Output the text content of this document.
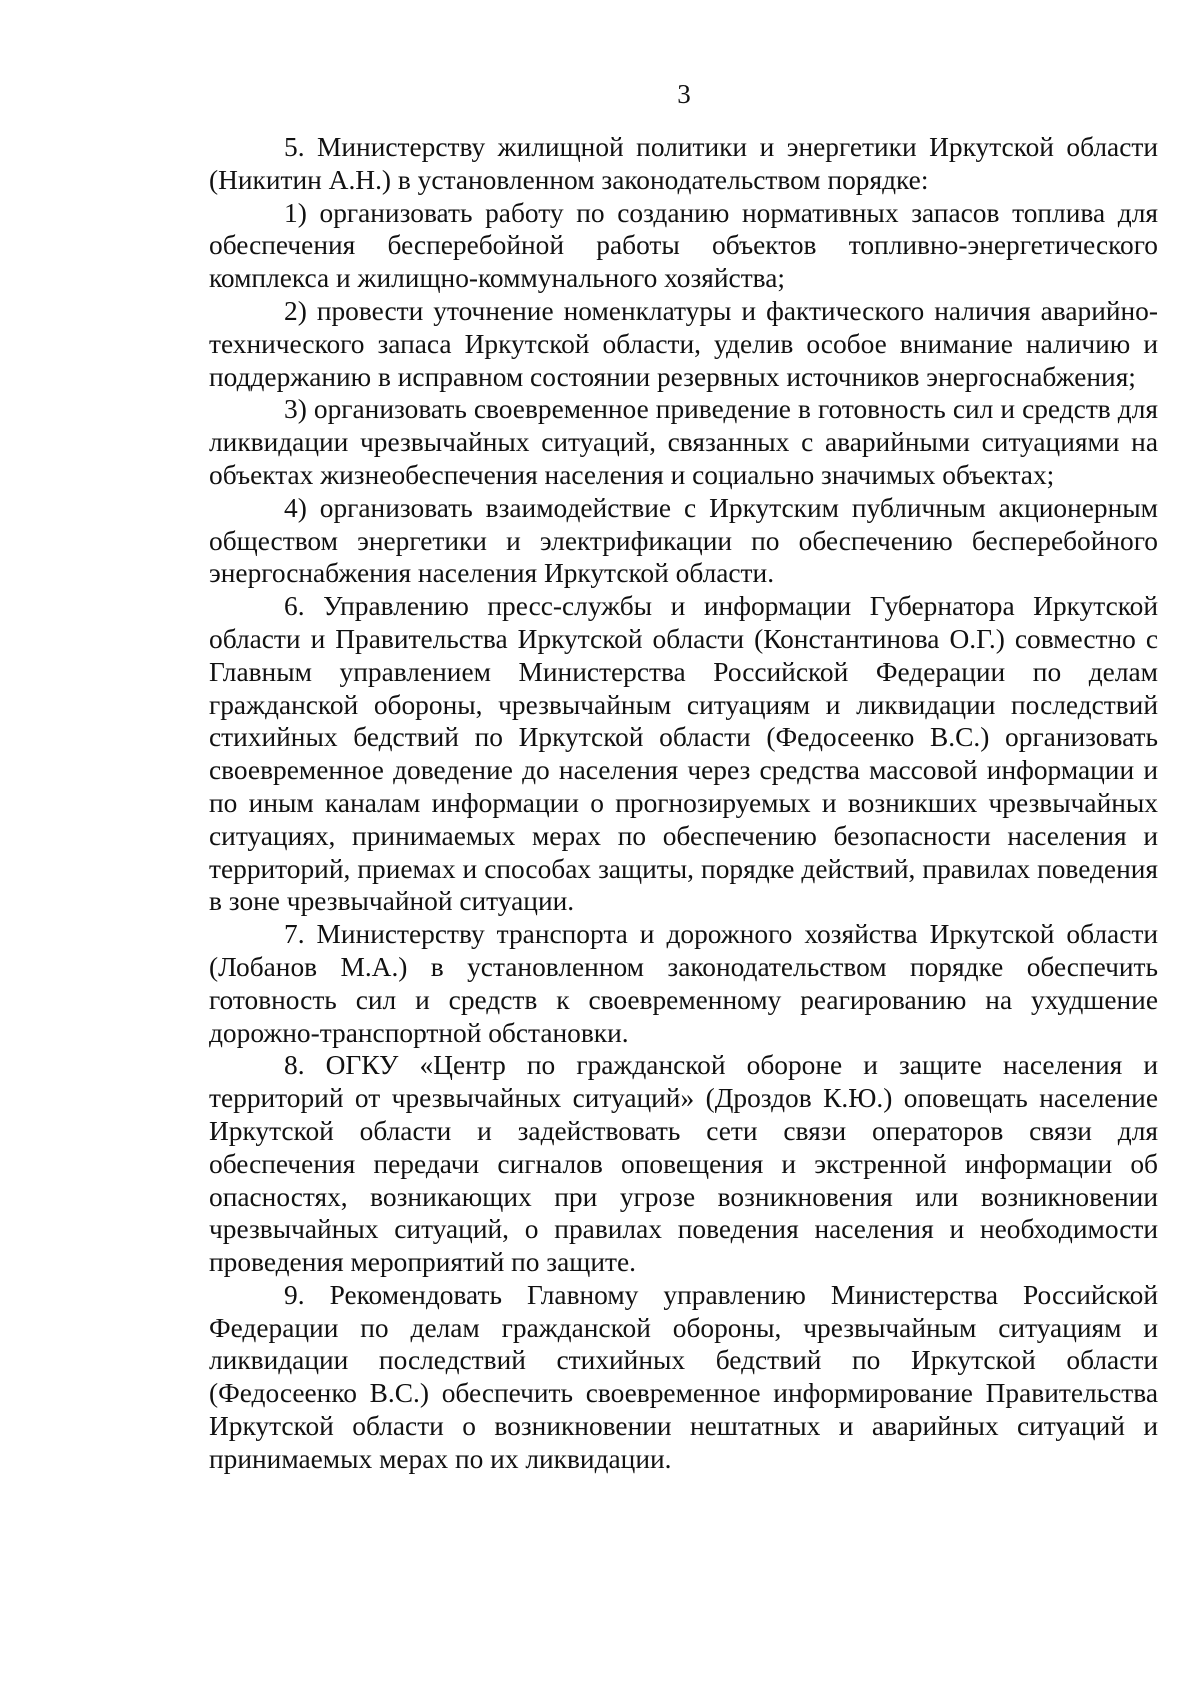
3

5. Министерству жилищной политики и энергетики Иркутской области (Никитин А.Н.) в установленном законодательством порядке:

1) организовать работу по созданию нормативных запасов топлива для обеспечения бесперебойной работы объектов топливно-энергетического комплекса и жилищно-коммунального хозяйства;

2) провести уточнение номенклатуры и фактического наличия аварийно-технического запаса Иркутской области, уделив особое внимание наличию и поддержанию в исправном состоянии резервных источников энергоснабжения;

3) организовать своевременное приведение в готовность сил и средств для ликвидации чрезвычайных ситуаций, связанных с аварийными ситуациями на объектах жизнеобеспечения населения и социально значимых объектах;

4) организовать взаимодействие с Иркутским публичным акционерным обществом энергетики и электрификации по обеспечению бесперебойного энергоснабжения населения Иркутской области.

6. Управлению пресс-службы и информации Губернатора Иркутской области и Правительства Иркутской области (Константинова О.Г.) совместно с Главным управлением Министерства Российской Федерации по делам гражданской обороны, чрезвычайным ситуациям и ликвидации последствий стихийных бедствий по Иркутской области (Федосеенко В.С.) организовать своевременное доведение до населения через средства массовой информации и по иным каналам информации о прогнозируемых и возникших чрезвычайных ситуациях, принимаемых мерах по обеспечению безопасности населения и территорий, приемах и способах защиты, порядке действий, правилах поведения в зоне чрезвычайной ситуации.

7. Министерству транспорта и дорожного хозяйства Иркутской области (Лобанов М.А.) в установленном законодательством порядке обеспечить готовность сил и средств к своевременному реагированию на ухудшение дорожно-транспортной обстановки.

8. ОГКУ «Центр по гражданской обороне и защите населения и территорий от чрезвычайных ситуаций» (Дроздов К.Ю.) оповещать население Иркутской области и задействовать сети связи операторов связи для обеспечения передачи сигналов оповещения и экстренной информации об опасностях, возникающих при угрозе возникновения или возникновении чрезвычайных ситуаций, о правилах поведения населения и необходимости проведения мероприятий по защите.

9. Рекомендовать Главному управлению Министерства Российской Федерации по делам гражданской обороны, чрезвычайным ситуациям и ликвидации последствий стихийных бедствий по Иркутской области (Федосеенко В.С.) обеспечить своевременное информирование Правительства Иркутской области о возникновении нештатных и аварийных ситуаций и принимаемых мерах по их ликвидации.
